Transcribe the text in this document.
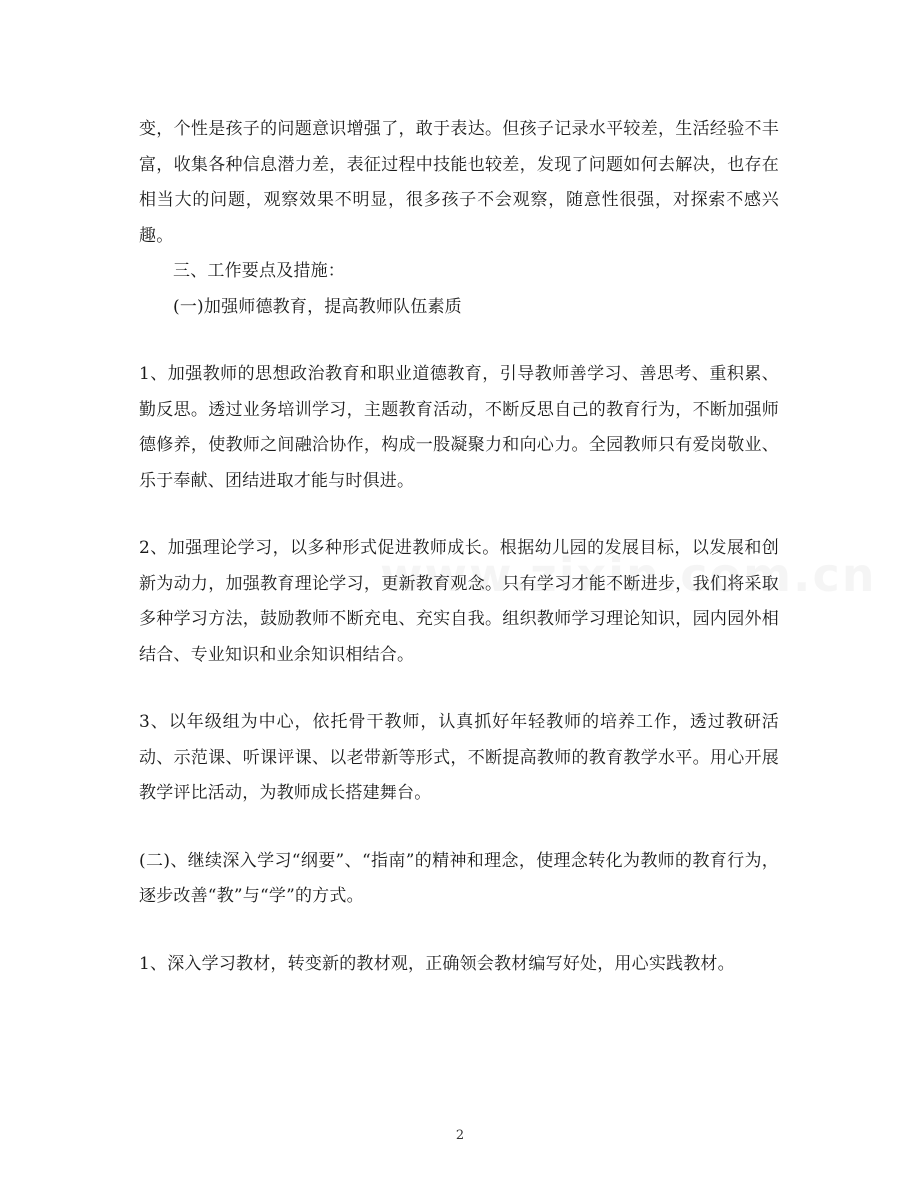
变，个性是孩子的问题意识增强了，敢于表达。但孩子记录水平较差，生活经验不丰富，收集各种信息潜力差，表征过程中技能也较差，发现了问题如何去解决，也存在相当大的问题，观察效果不明显，很多孩子不会观察，随意性很强，对探索不感兴趣。

三、工作要点及措施：

(一)加强师德教育，提高教师队伍素质

1、加强教师的思想政治教育和职业道德教育，引导教师善学习、善思考、重积累、勤反思。透过业务培训学习，主题教育活动，不断反思自己的教育行为，不断加强师德修养，使教师之间融洽协作，构成一股凝聚力和向心力。全园教师只有爱岗敬业、乐于奉献、团结进取才能与时俱进。

2、加强理论学习，以多种形式促进教师成长。根据幼儿园的发展目标，以发展和创新为动力，加强教育理论学习，更新教育观念。只有学习才能不断进步，我们将采取多种学习方法，鼓励教师不断充电、充实自我。组织教师学习理论知识，园内园外相结合、专业知识和业余知识相结合。

3、以年级组为中心，依托骨干教师，认真抓好年轻教师的培养工作，透过教研活动、示范课、听课评课、以老带新等形式，不断提高教师的教育教学水平。用心开展教学评比活动，为教师成长搭建舞台。

(二)、继续深入学习“纲要”、“指南”的精神和理念，使理念转化为教师的教育行为，逐步改善“教”与“学”的方式。

1、深入学习教材，转变新的教材观，正确领会教材编写好处，用心实践教材。

2
